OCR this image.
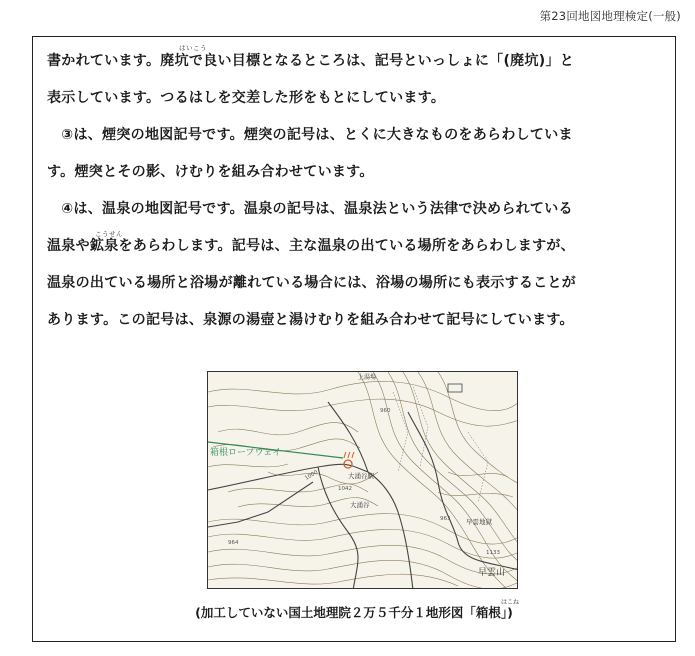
第23回地図地理検定(一般)

書かれています。廃坑で良い目標となるところは、記号といっしょに「(廃坑)」と

表示しています。つるはしを交差した形をもとにしています。

　③は、煙突の地図記号です。煙突の記号は、とくに大きなものをあらわしていま

す。煙突とその影、けむりを組み合わせています。

　④は、温泉の地図記号です。温泉の記号は、温泉法という法律で決められている

温泉や鉱泉をあらわします。記号は、主な温泉の出ている場所をあらわしますが、

温泉の出ている場所と浴場が離れている場合には、浴場の場所にも表示することが

あります。この記号は、泉源の湯壺と湯けむりを組み合わせて記号にしています。

はいこう
こうせん
上湯場
箱根ロープウェイ
大涌谷駅
大涌谷
早雲地獄
早雲山
1000
1042
960
964
963
1133
はこね
(加工していない国土地理院２万５千分１地形図「箱根」)
